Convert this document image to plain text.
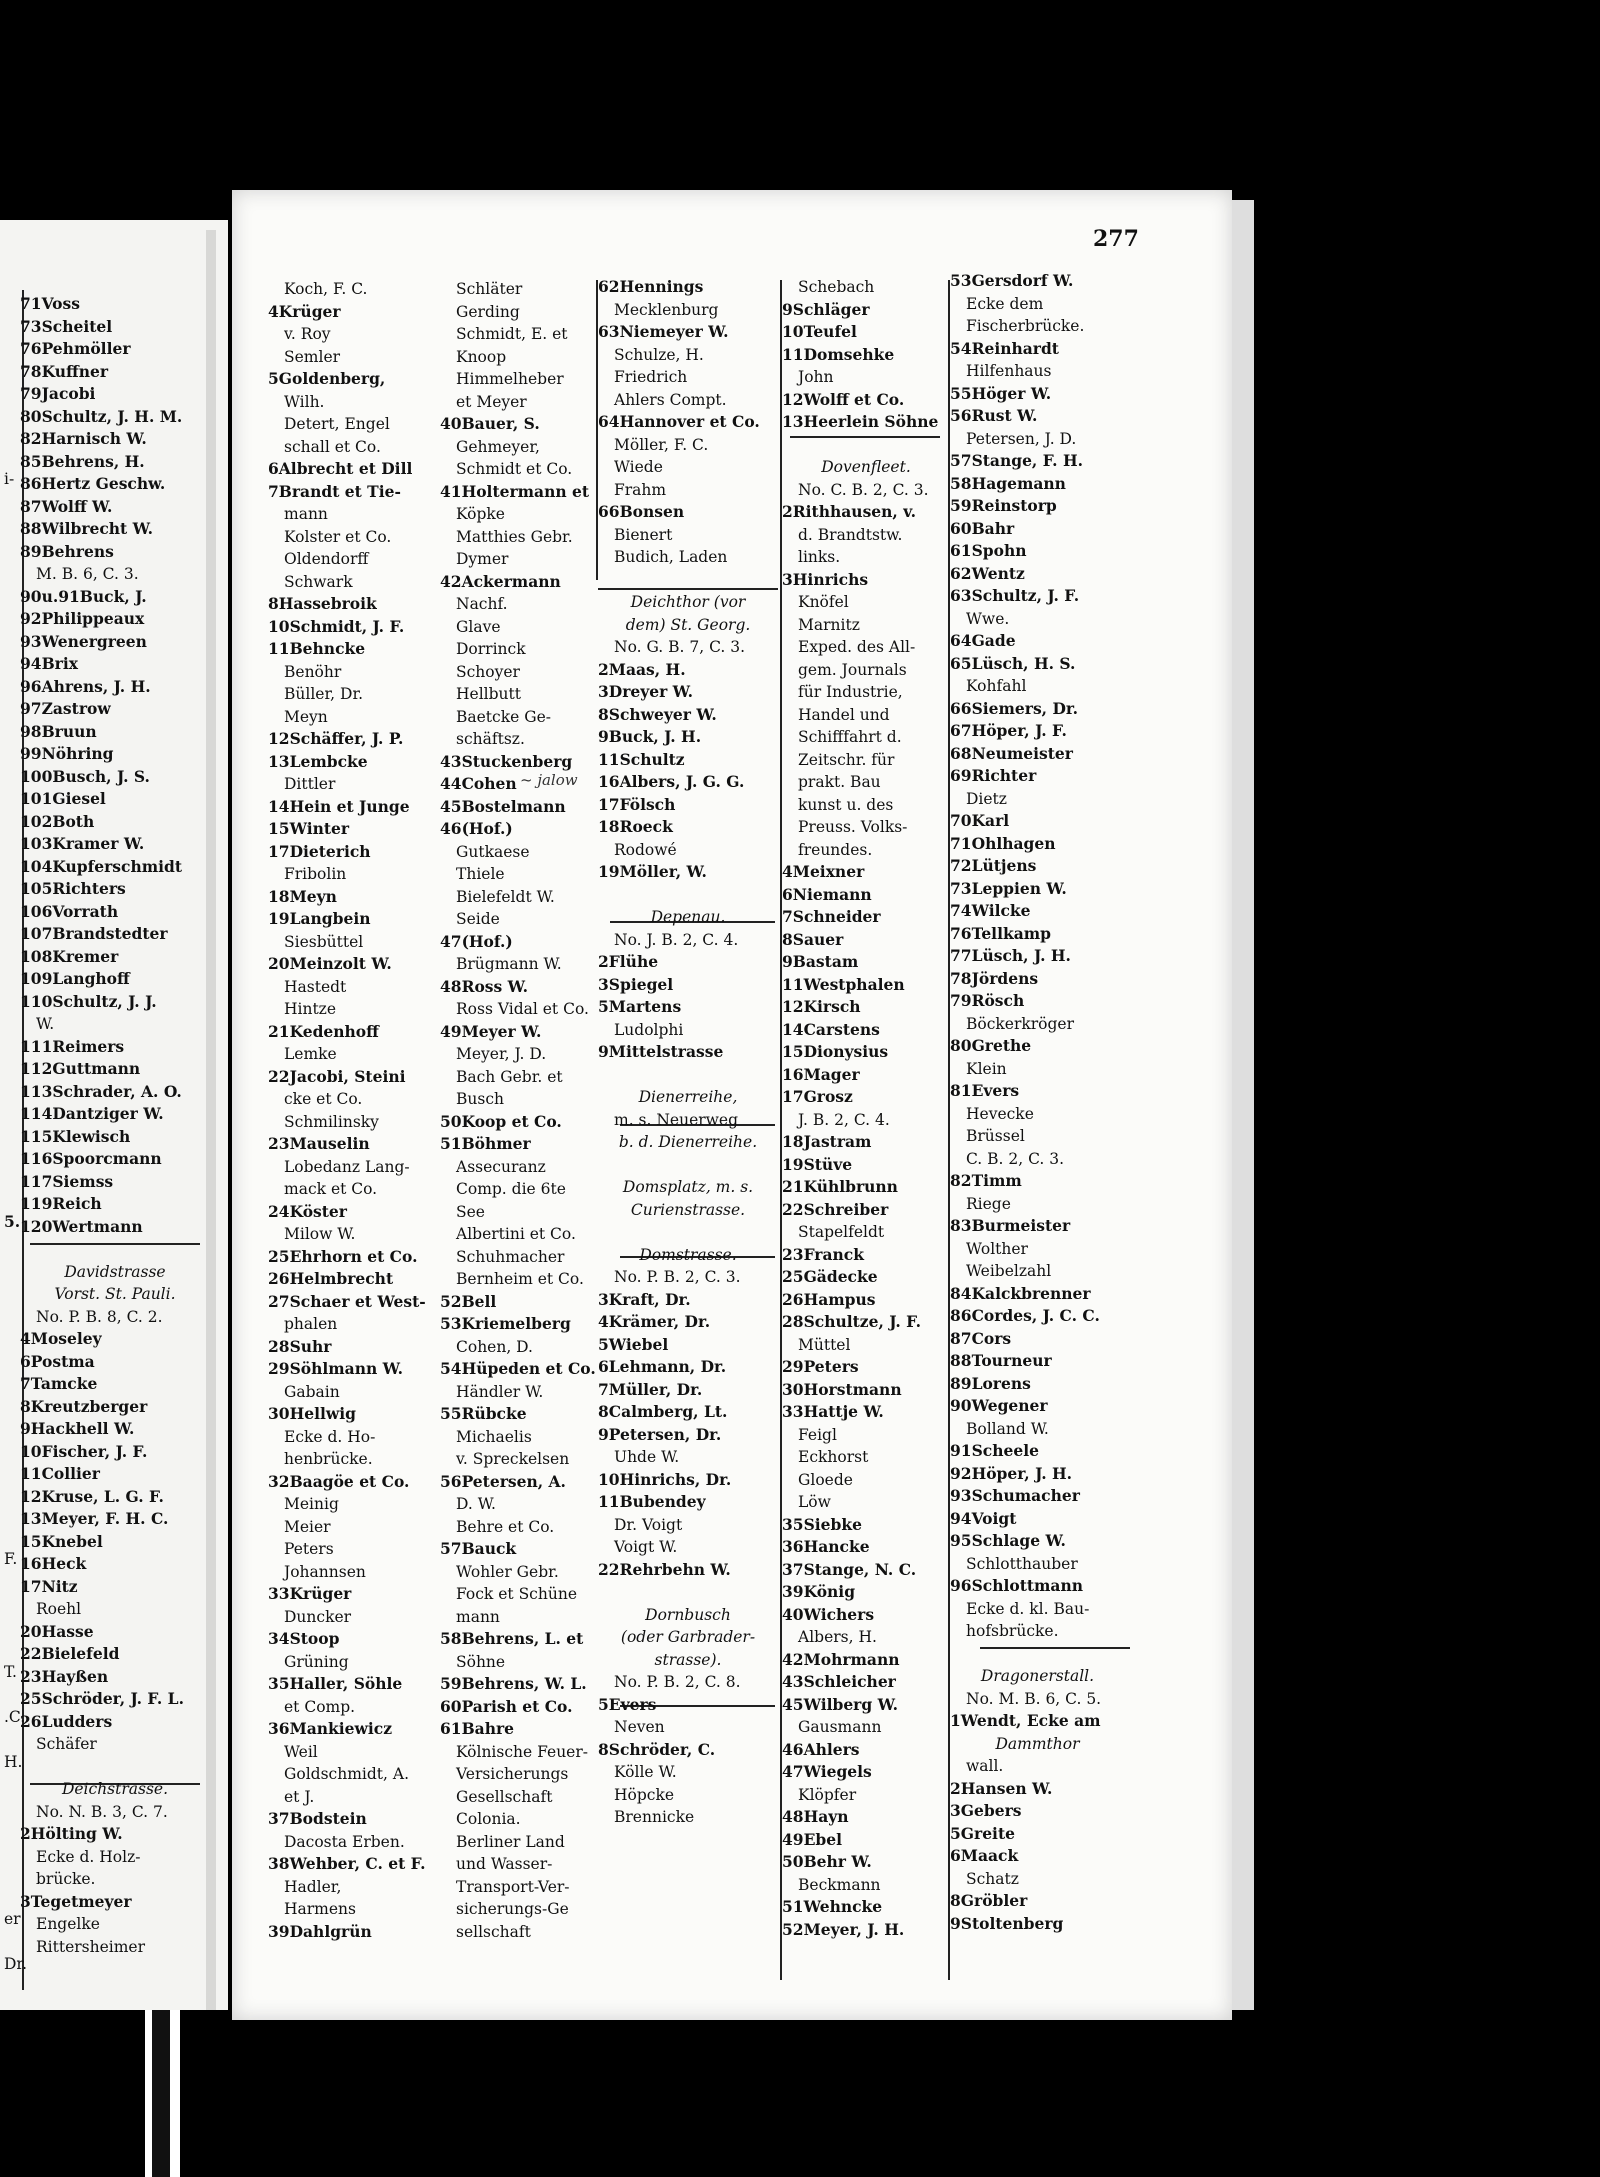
277
i-
5.
F.
T.
.C.
H.
er
Dr.
71Voss
73Scheitel
76Pehmöller
78Kuffner
79Jacobi
80Schultz, J. H. M.
82Harnisch W.
85Behrens, H.
86Hertz Geschw.
87Wolff W.
88Wilbrecht W.
89Behrens
M. B. 6, C. 3.
90u.91Buck, J.
92Philippeaux
93Wenergreen
94Brix
96Ahrens, J. H.
97Zastrow
98Bruun
99Nöhring
100Busch, J. S.
101Giesel
102Both
103Kramer W.
104Kupferschmidt
105Richters
106Vorrath
107Brandstedter
108Kremer
109Langhoff
110Schultz, J. J.
W.
111Reimers
112Guttmann
113Schrader, A. O.
114Dantziger W.
115Klewisch
116Spoorcmann
117Siemss
119Reich
120Wertmann
Davidstrasse
Vorst. St. Pauli.
No. P. B. 8, C. 2.
4Moseley
6Postma
7Tamcke
8Kreutzberger
9Hackhell W.
10Fischer, J. F.
11Collier
12Kruse, L. G. F.
13Meyer, F. H. C.
15Knebel
16Heck
17Nitz
Roehl
20Hasse
22Bielefeld
23Hayßen
25Schröder, J. F. L.
26Ludders
Schäfer
Deichstrasse.
No. N. B. 3, C. 7.
2Hölting W.
Ecke d. Holz-
brücke.
3Tegetmeyer
Engelke
Rittersheimer
Koch, F. C.
4Krüger
v. Roy
Semler
5Goldenberg,
Wilh.
Detert, Engel
schall et Co.
6Albrecht et Dill
7Brandt et Tie-
mann
Kolster et Co.
Oldendorff
Schwark
8Hassebroik
10Schmidt, J. F.
11Behncke
Benöhr
Büller, Dr.
Meyn
12Schäffer, J. P.
13Lembcke
Dittler
14Hein et Junge
15Winter
17Dieterich
Fribolin
18Meyn
19Langbein
Siesbüttel
20Meinzolt W.
Hastedt
Hintze
21Kedenhoff
Lemke
22Jacobi, Steini
cke et Co.
Schmilinsky
23Mauselin
Lobedanz Lang-
mack et Co.
24Köster
Milow W.
25Ehrhorn et Co.
26Helmbrecht
27Schaer et West-
phalen
28Suhr
29Söhlmann W.
Gabain
30Hellwig
Ecke d. Ho-
henbrücke.
32Baagöe et Co.
Meinig
Meier
Peters
Johannsen
33Krüger
Duncker
34Stoop
Grüning
35Haller, Söhle
et Comp.
36Mankiewicz
Weil
Goldschmidt, A.
et J.
37Bodstein
Dacosta Erben.
38Wehber, C. et F.
Hadler,
Harmens
39Dahlgrün
Schläter
Gerding
Schmidt, E. et
Knoop
Himmelheber
et Meyer
40Bauer, S.
Gehmeyer,
Schmidt et Co.
41Holtermann et
Köpke
Matthies Gebr.
Dymer
42Ackermann
Nachf.
Glave
Dorrinck
Schoyer
Hellbutt
Baetcke Ge-
schäftsz.
43Stuckenberg
44Cohen
45Bostelmann
46(Hof.)
Gutkaese
Thiele
Bielefeldt W.
Seide
47(Hof.)
Brügmann W.
48Ross W.
Ross Vidal et Co.
49Meyer W.
Meyer, J. D.
Bach Gebr. et
Busch
50Koop et Co.
51Böhmer
Assecuranz
Comp. die 6te
See
Albertini et Co.
Schuhmacher
Bernheim et Co.
52Bell
53Kriemelberg
Cohen, D.
54Hüpeden et Co.
Händler W.
55Rübcke
Michaelis
v. Spreckelsen
56Petersen, A.
D. W.
Behre et Co.
57Bauck
Wohler Gebr.
Fock et Schüne
mann
58Behrens, L. et
Söhne
59Behrens, W. L.
60Parish et Co.
61Bahre
Kölnische Feuer-
Versicherungs
Gesellschaft
Colonia.
Berliner Land
und Wasser-
Transport-Ver-
sicherungs-Ge
sellschaft
62Hennings
Mecklenburg
63Niemeyer W.
Schulze, H.
Friedrich
Ahlers Compt.
64Hannover et Co.
Möller, F. C.
Wiede
Frahm
66Bonsen
Bienert
Budich, Laden
Deichthor (vor
dem) St. Georg.
No. G. B. 7, C. 3.
2Maas, H.
3Dreyer W.
8Schweyer W.
9Buck, J. H.
11Schultz
16Albers, J. G. G.
17Fölsch
18Roeck
Rodowé
19Möller, W.
Depenau.
No. J. B. 2, C. 4.
2Flühe
3Spiegel
5Martens
Ludolphi
9Mittelstrasse
Dienerreihe,
m. s. Neuerweg
b. d. Dienerreihe.
Domsplatz, m. s.
Curienstrasse.
Domstrasse.
No. P. B. 2, C. 3.
3Kraft, Dr.
4Krämer, Dr.
5Wiebel
6Lehmann, Dr.
7Müller, Dr.
8Calmberg, Lt.
9Petersen, Dr.
Uhde W.
10Hinrichs, Dr.
11Bubendey
Dr. Voigt
Voigt W.
22Rehrbehn W.
Dornbusch
(oder Garbrader-
strasse).
No. P. B. 2, C. 8.
5Evers
Neven
8Schröder, C.
Kölle W.
Höpcke
Brennicke
Schebach
9Schläger
10Teufel
11Domsehke
John
12Wolff et Co.
13Heerlein Söhne
Dovenfleet.
No. C. B. 2, C. 3.
2Rithhausen, v.
d. Brandtstw.
links.
3Hinrichs
Knöfel
Marnitz
Exped. des All-
gem. Journals
für Industrie,
Handel und
Schifffahrt d.
Zeitschr. für
prakt. Bau
kunst u. des
Preuss. Volks-
freundes.
4Meixner
6Niemann
7Schneider
8Sauer
9Bastam
11Westphalen
12Kirsch
14Carstens
15Dionysius
16Mager
17Grosz
J. B. 2, C. 4.
18Jastram
19Stüve
21Kühlbrunn
22Schreiber
Stapelfeldt
23Franck
25Gädecke
26Hampus
28Schultze, J. F.
Müttel
29Peters
30Horstmann
33Hattje W.
Feigl
Eckhorst
Gloede
Löw
35Siebke
36Hancke
37Stange, N. C.
39König
40Wichers
Albers, H.
42Mohrmann
43Schleicher
45Wilberg W.
Gausmann
46Ahlers
47Wiegels
Klöpfer
48Hayn
49Ebel
50Behr W.
Beckmann
51Wehncke
52Meyer, J. H.
53Gersdorf W.
Ecke dem
Fischerbrücke.
54Reinhardt
Hilfenhaus
55Höger W.
56Rust W.
Petersen, J. D.
57Stange, F. H.
58Hagemann
59Reinstorp
60Bahr
61Spohn
62Wentz
63Schultz, J. F.
Wwe.
64Gade
65Lüsch, H. S.
Kohfahl
66Siemers, Dr.
67Höper, J. F.
68Neumeister
69Richter
Dietz
70Karl
71Ohlhagen
72Lütjens
73Leppien W.
74Wilcke
76Tellkamp
77Lüsch, J. H.
78Jördens
79Rösch
Böckerkröger
80Grethe
Klein
81Evers
Hevecke
Brüssel
C. B. 2, C. 3.
82Timm
Riege
83Burmeister
Wolther
Weibelzahl
84Kalckbrenner
86Cordes, J. C. C.
87Cors
88Tourneur
89Lorens
90Wegener
Bolland W.
91Scheele
92Höper, J. H.
93Schumacher
94Voigt
95Schlage W.
Schlotthauber
96Schlottmann
Ecke d. kl. Bau-
hofsbrücke.
Dragonerstall.
No. M. B. 6, C. 5.
1Wendt, Ecke am
Dammthor
wall.
2Hansen W.
3Gebers
5Greite
6Maack
Schatz
8Gröbler
9Stoltenberg
~ jalow
